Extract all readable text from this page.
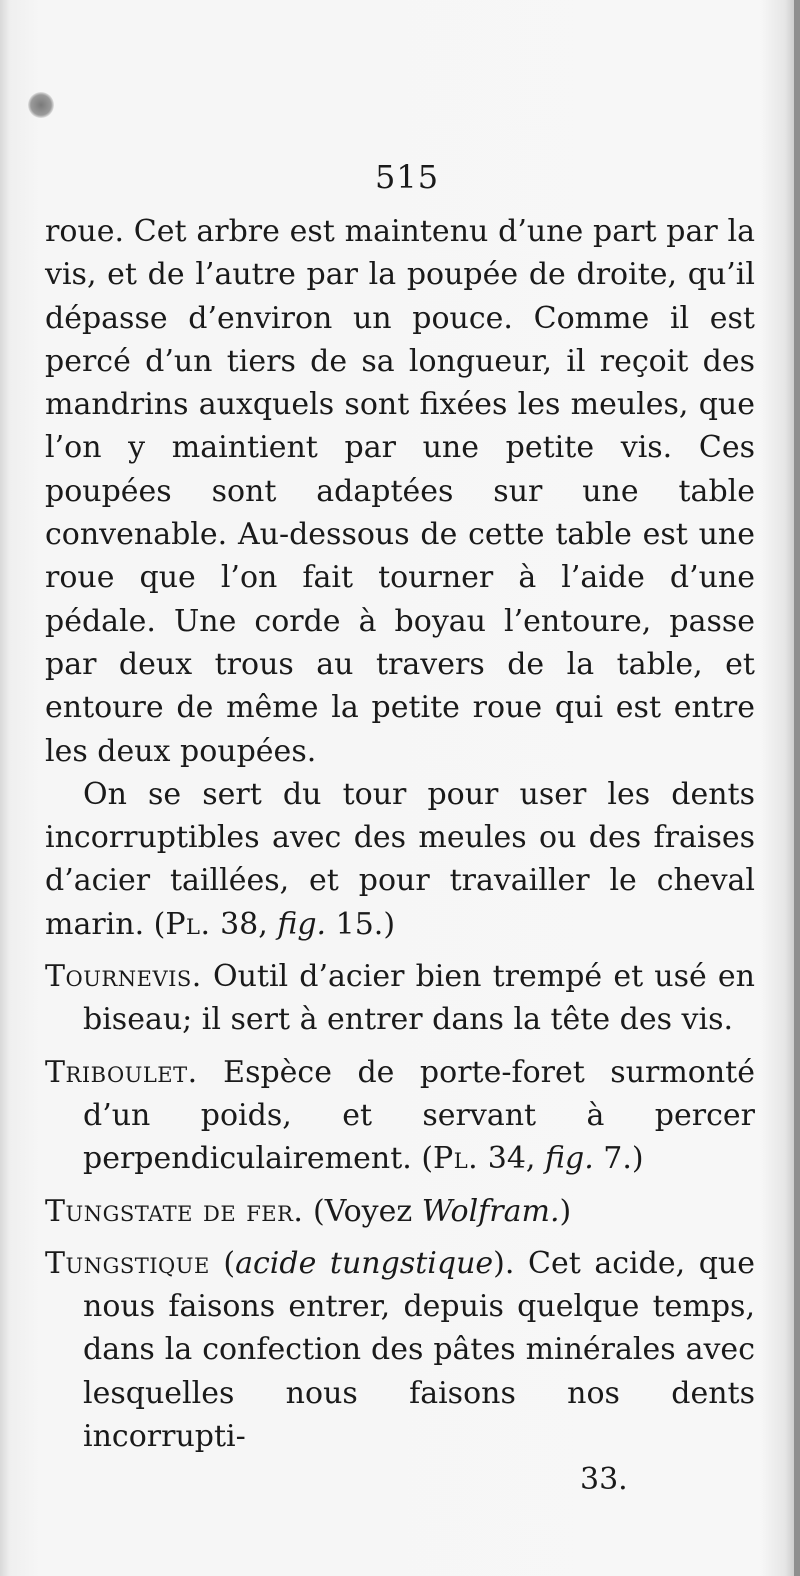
515

roue. Cet arbre est maintenu d’une part par la vis, et de l’autre par la poupée de droite, qu’il dépasse d’environ un pouce. Comme il est percé d’un tiers de sa longueur, il reçoit des mandrins auxquels sont fixées les meules, que l’on y maintient par une petite vis. Ces poupées sont adaptées sur une table convenable. Au-dessous de cette table est une roue que l’on fait tourner à l’aide d’une pédale. Une corde à boyau l’entoure, passe par deux trous au travers de la table, et entoure de même la petite roue qui est entre les deux poupées.

On se sert du tour pour user les dents incorruptibles avec des meules ou des fraises d’acier taillées, et pour travailler le cheval marin. (Pl. 38, fig. 15.)

Tournevis. Outil d’acier bien trempé et usé en biseau; il sert à entrer dans la tête des vis.

Triboulet. Espèce de porte-foret surmonté d’un poids, et servant à percer perpendiculairement. (Pl. 34, fig. 7.)

Tungstate de fer. (Voyez Wolfram.)

Tungstique (acide tungstique). Cet acide, que nous faisons entrer, depuis quelque temps, dans la confection des pâtes minérales avec lesquelles nous faisons nos dents incorrupti-

33.
